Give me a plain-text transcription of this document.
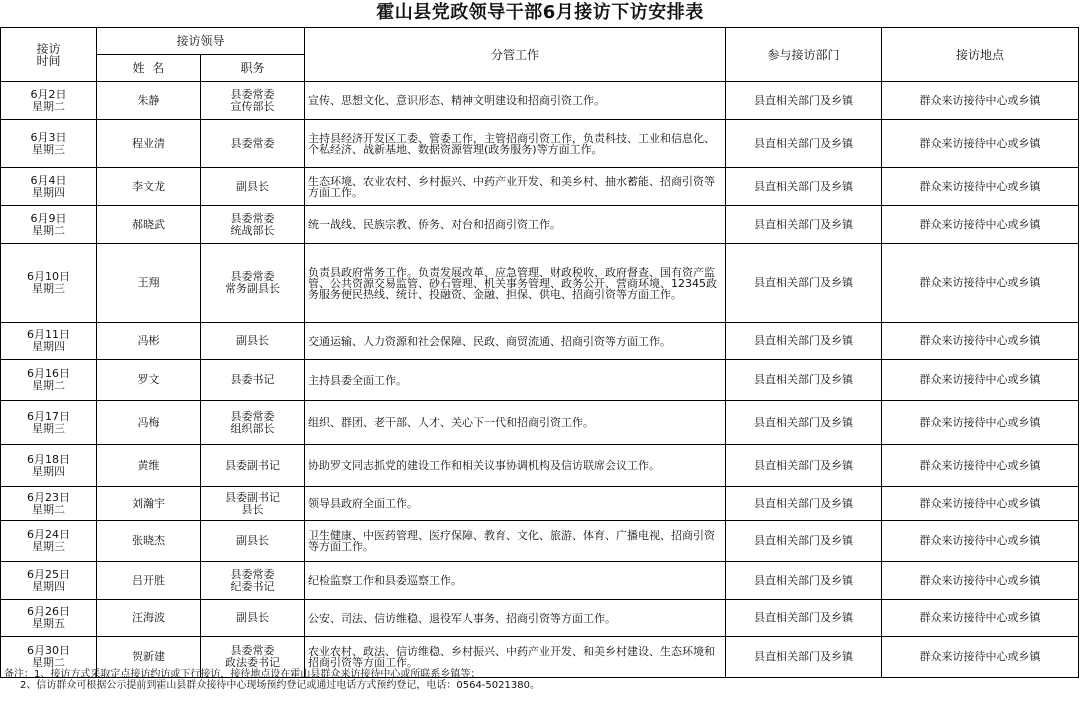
霍山县党政领导干部6月接访下访安排表
接访
时间	接访领导		分管工作	参与接访部门	接访地点
	姓  名	职务			

6月2日
星期二	朱静	县委常委
宣传部长	宣传、思想文化、意识形态、精神文明建设和招商引资工作。	县直相关部门及乡镇	群众来访接待中心或乡镇

6月3日
星期三	程业清	县委常委	主持县经济开发区工委、管委工作，主管招商引资工作，负责科技、工业和信息化、个私经济、战新基地、数据资源管理(政务服务)等方面工作。	县直相关部门及乡镇	群众来访接待中心或乡镇

6月4日
星期四	李文龙	副县长	生态环境、农业农村、乡村振兴、中药产业开发、和美乡村、抽水蓄能、招商引资等方面工作。	县直相关部门及乡镇	群众来访接待中心或乡镇

6月9日
星期二	郝晓武	县委常委
统战部长	统一战线、民族宗教、侨务、对台和招商引资工作。	县直相关部门及乡镇	群众来访接待中心或乡镇

6月10日
星期三	王翔	县委常委
常务副县长	负责县政府常务工作。负责发展改革、应急管理、财政税收、政府督查、国有资产监管、公共资源交易监管、砂石管理、机关事务管理、政务公开、营商环境、12345政务服务便民热线、统计、投融资、金融、担保、供电、招商引资等方面工作。	县直相关部门及乡镇	群众来访接待中心或乡镇

6月11日
星期四	冯彬	副县长	交通运输、人力资源和社会保障、民政、商贸流通、招商引资等方面工作。	县直相关部门及乡镇	群众来访接待中心或乡镇

6月16日
星期二	罗文	县委书记	主持县委全面工作。	县直相关部门及乡镇	群众来访接待中心或乡镇

6月17日
星期三	冯梅	县委常委
组织部长	组织、群团、老干部、人才、关心下一代和招商引资工作。	县直相关部门及乡镇	群众来访接待中心或乡镇

6月18日
星期四	黄维	县委副书记	协助罗文同志抓党的建设工作和相关议事协调机构及信访联席会议工作。	县直相关部门及乡镇	群众来访接待中心或乡镇

6月23日
星期二	刘瀚宇	县委副书记
县长	领导县政府全面工作。	县直相关部门及乡镇	群众来访接待中心或乡镇

6月24日
星期三	张晓杰	副县长	卫生健康、中医药管理、医疗保障、教育、文化、旅游、体育、广播电视、招商引资等方面工作。	县直相关部门及乡镇	群众来访接待中心或乡镇

6月25日
星期四	吕开胜	县委常委
纪委书记	纪检监察工作和县委巡察工作。	县直相关部门及乡镇	群众来访接待中心或乡镇

6月26日
星期五	汪海波	副县长	公安、司法、信访维稳、退役军人事务、招商引资等方面工作。	县直相关部门及乡镇	群众来访接待中心或乡镇

6月30日
星期二	贺新建	县委常委
政法委书记	农业农村、政法、信访维稳、乡村振兴、中药产业开发、和美乡村建设、生态环境和招商引资等方面工作。	县直相关部门及乡镇	群众来访接待中心或乡镇
备注：1、接访方式采取定点接访约访或下行接访，接待地点设在霍山县群众来访接待中心或所联系乡镇等；
2、信访群众可根据公示提前到霍山县群众接待中心现场预约登记或通过电话方式预约登记，电话：0564-5021380。
